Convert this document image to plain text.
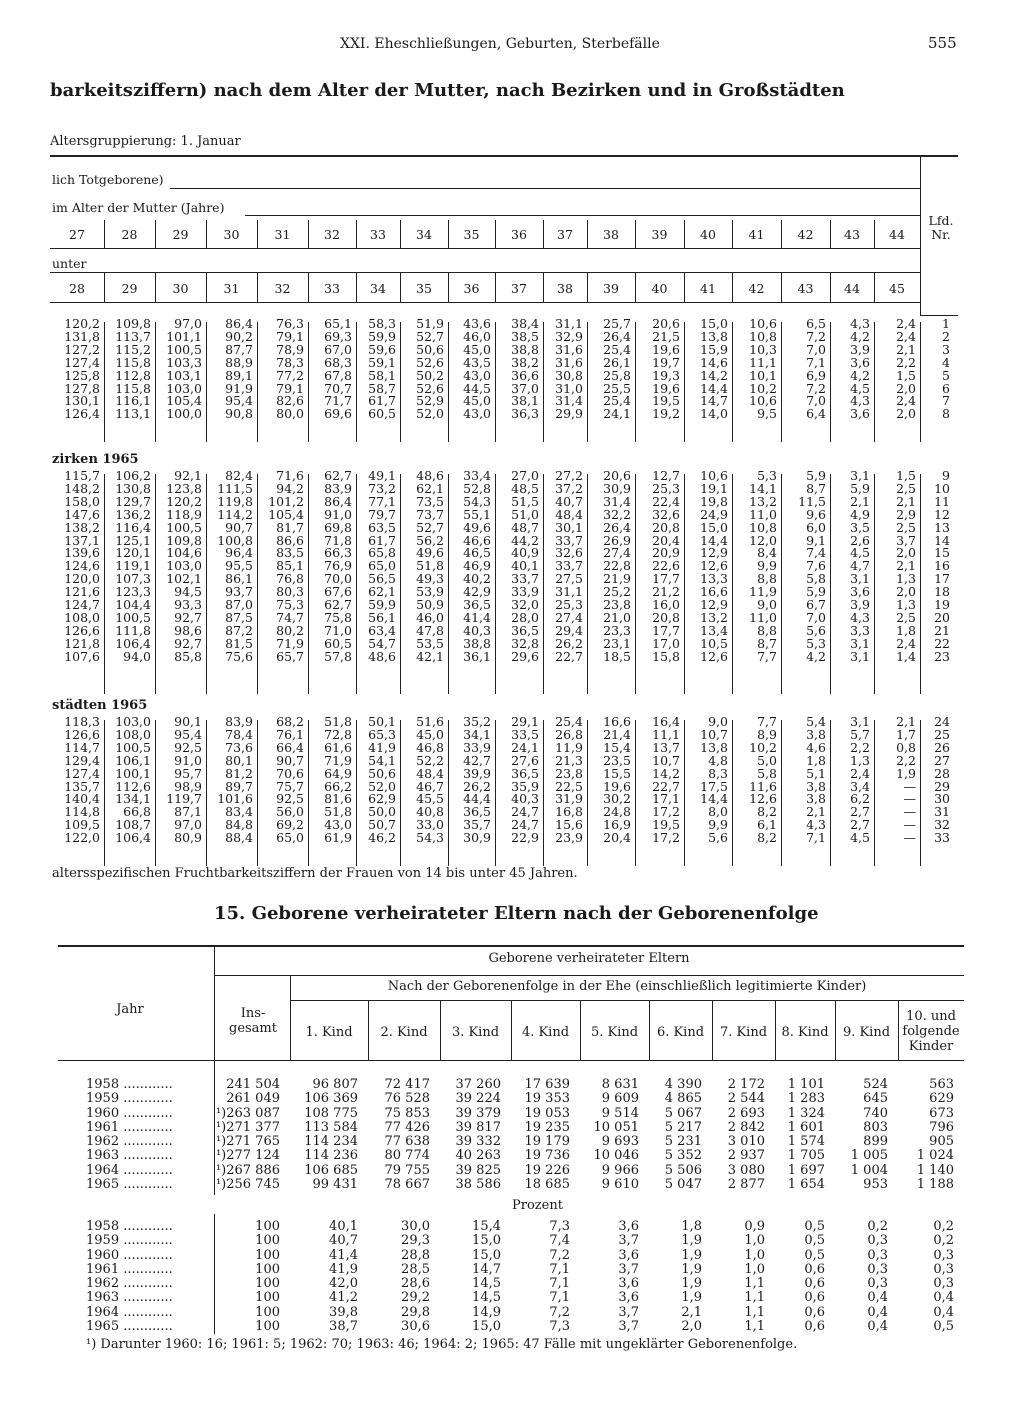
XXI. Eheschließungen, Geburten, Sterbefälle	555
barkeitsziffern) nach dem Alter der Mutter, nach Bezirken und in Großstädten
Altersgruppierung: 1. Januar
lich Totgeborene)
im Alter der Mutter (Jahre)
unter
Lfd.
Nr.
27	28	29	30	31	32	33	34	35	36	37	38	39	40	41	42	43	44
28	29	30	31	32	33	34	35	36	37	38	39	40	41	42	43	44	45
120,2	109,8	97,0	86,4	76,3	65,1	58,3	51,9	43,6	38,4	31,1	25,7	20,6	15,0	10,6	6,5	4,3	2,4	1
131,8	113,7	101,1	90,2	79,1	69,3	59,9	52,7	46,0	38,5	32,9	26,4	21,5	13,8	10,8	7,2	4,2	2,4	2
127,2	115,2	100,5	87,7	78,9	67,0	59,6	50,6	45,0	38,8	31,6	25,4	19,6	15,9	10,3	7,0	3,9	2,1	3
127,4	115,8	103,3	88,9	78,3	68,3	59,1	52,6	43,5	38,2	31,6	26,1	19,7	14,6	11,1	7,1	3,6	2,2	4
125,8	112,8	103,1	89,1	77,2	67,8	58,1	50,2	43,0	36,6	30,8	25,8	19,3	14,2	10,1	6,9	4,2	1,5	5
127,8	115,8	103,0	91,9	79,1	70,7	58,7	52,6	44,5	37,0	31,0	25,5	19,6	14,4	10,2	7,2	4,5	2,0	6
130,1	116,1	105,4	95,4	82,6	71,7	61,7	52,9	45,0	38,1	31,4	25,4	19,5	14,7	10,6	7,0	4,3	2,4	7
126,4	113,1	100,0	90,8	80,0	69,6	60,5	52,0	43,0	36,3	29,9	24,1	19,2	14,0	9,5	6,4	3,6	2,0	8
zirken 1965
115,7	106,2	92,1	82,4	71,6	62,7	49,1	48,6	33,4	27,0	27,2	20,6	12,7	10,6	5,3	5,9	3,1	1,5	9
148,2	130,8	123,8	111,5	94,2	83,9	73,2	62,1	52,8	48,5	37,2	30,9	25,3	19,1	14,1	8,7	5,9	2,5	10
158,0	129,7	120,2	119,8	101,2	86,4	77,1	73,5	54,3	51,5	40,7	31,4	22,4	19,8	13,2	11,5	2,1	2,1	11
147,6	136,2	118,9	114,2	105,4	91,0	79,7	73,7	55,1	51,0	48,4	32,2	32,6	24,9	11,0	9,6	4,9	2,9	12
138,2	116,4	100,5	90,7	81,7	69,8	63,5	52,7	49,6	48,7	30,1	26,4	20,8	15,0	10,8	6,0	3,5	2,5	13
137,1	125,1	109,8	100,8	86,6	71,8	61,7	56,2	46,6	44,2	33,7	26,9	20,4	14,4	12,0	9,1	2,6	3,7	14
139,6	120,1	104,6	96,4	83,5	66,3	65,8	49,6	46,5	40,9	32,6	27,4	20,9	12,9	8,4	7,4	4,5	2,0	15
124,6	119,1	103,0	95,5	85,1	76,9	65,0	51,8	46,9	40,1	33,7	22,8	22,6	12,6	9,9	7,6	4,7	2,1	16
120,0	107,3	102,1	86,1	76,8	70,0	56,5	49,3	40,2	33,7	27,5	21,9	17,7	13,3	8,8	5,8	3,1	1,3	17
121,6	123,3	94,5	93,7	80,3	67,6	62,1	53,9	42,9	33,9	31,1	25,2	21,2	16,6	11,9	5,9	3,6	2,0	18
124,7	104,4	93,3	87,0	75,3	62,7	59,9	50,9	36,5	32,0	25,3	23,8	16,0	12,9	9,0	6,7	3,9	1,3	19
108,0	100,5	92,7	87,5	74,7	75,8	56,1	46,0	41,4	28,0	27,4	21,0	20,8	13,2	11,0	7,0	4,3	2,5	20
126,6	111,8	98,6	87,2	80,2	71,0	63,4	47,8	40,3	36,5	29,4	23,3	17,7	13,4	8,8	5,6	3,3	1,8	21
121,8	106,4	92,7	81,5	71,9	60,5	54,7	53,5	38,8	32,8	26,2	23,1	17,0	10,5	8,7	5,3	3,1	2,4	22
107,6	94,0	85,8	75,6	65,7	57,8	48,6	42,1	36,1	29,6	22,7	18,5	15,8	12,6	7,7	4,2	3,1	1,4	23
städten 1965
118,3	103,0	90,1	83,9	68,2	51,8	50,1	51,6	35,2	29,1	25,4	16,6	16,4	9,0	7,7	5,4	3,1	2,1	24
126,6	108,0	95,4	78,4	76,1	72,8	65,3	45,0	34,1	33,5	26,8	21,4	11,1	10,7	8,9	3,8	5,7	1,7	25
114,7	100,5	92,5	73,6	66,4	61,6	41,9	46,8	33,9	24,1	11,9	15,4	13,7	13,8	10,2	4,6	2,2	0,8	26
129,4	106,1	91,0	80,1	90,7	71,9	54,1	52,2	42,7	27,6	21,3	23,5	10,7	4,8	5,0	1,8	1,3	2,2	27
127,4	100,1	95,7	81,2	70,6	64,9	50,6	48,4	39,9	36,5	23,8	15,5	14,2	8,3	5,8	5,1	2,4	1,9	28
135,7	112,6	98,9	89,7	75,7	66,2	52,0	46,7	26,2	35,9	22,5	19,6	22,7	17,5	11,6	3,8	3,4	—	29
140,4	134,1	119,7	101,6	92,5	81,6	62,9	45,5	44,4	40,3	31,9	30,2	17,1	14,4	12,6	3,8	6,2	—	30
114,8	66,8	87,1	83,4	56,0	51,8	50,0	40,8	36,5	24,7	16,8	24,8	17,2	8,0	8,2	2,1	2,7	—	31
109,5	108,7	97,0	84,8	69,2	43,0	50,7	33,0	35,7	24,7	15,6	16,9	19,5	9,9	6,1	4,3	2,7	—	32
122,0	106,4	80,9	88,4	65,0	61,9	46,2	54,3	30,9	22,9	23,9	20,4	17,2	5,6	8,2	7,1	4,5	—	33
altersspezifischen Fruchtbarkeitsziffern der Frauen von 14 bis unter 45 Jahren.
15. Geborene verheirateter Eltern nach der Geborenenfolge
Jahr	Ins-
gesamt
Geborene verheirateter Eltern
Nach der Geborenenfolge in der Ehe (einschließlich legitimierte Kinder)
1. Kind	2. Kind	3. Kind	4. Kind	5. Kind	6. Kind	7. Kind	8. Kind	9. Kind
10. und
folgende
Kinder
1958 ............	241 504	96 807	72 417	37 260	17 639	8 631	4 390	2 172	1 101	524	563
1959 ............	261 049	106 369	76 528	39 224	19 353	9 609	4 865	2 544	1 283	645	629
1960 ............	¹)263 087	108 775	75 853	39 379	19 053	9 514	5 067	2 693	1 324	740	673
1961 ............	¹)271 377	113 584	77 426	39 817	19 235	10 051	5 217	2 842	1 601	803	796
1962 ............	¹)271 765	114 234	77 638	39 332	19 179	9 693	5 231	3 010	1 574	899	905
1963 ............	¹)277 124	114 236	80 774	40 263	19 736	10 046	5 352	2 937	1 705	1 005	1 024
1964 ............	¹)267 886	106 685	79 755	39 825	19 226	9 966	5 506	3 080	1 697	1 004	1 140
1965 ............	¹)256 745	99 431	78 667	38 586	18 685	9 610	5 047	2 877	1 654	953	1 188
Prozent
1958 ............	100	40,1	30,0	15,4	7,3	3,6	1,8	0,9	0,5	0,2	0,2
1959 ............	100	40,7	29,3	15,0	7,4	3,7	1,9	1,0	0,5	0,3	0,2
1960 ............	100	41,4	28,8	15,0	7,2	3,6	1,9	1,0	0,5	0,3	0,3
1961 ............	100	41,9	28,5	14,7	7,1	3,7	1,9	1,0	0,6	0,3	0,3
1962 ............	100	42,0	28,6	14,5	7,1	3,6	1,9	1,1	0,6	0,3	0,3
1963 ............	100	41,2	29,2	14,5	7,1	3,6	1,9	1,1	0,6	0,4	0,4
1964 ............	100	39,8	29,8	14,9	7,2	3,7	2,1	1,1	0,6	0,4	0,4
1965 ............	100	38,7	30,6	15,0	7,3	3,7	2,0	1,1	0,6	0,4	0,5
¹) Darunter 1960: 16; 1961: 5; 1962: 70; 1963: 46; 1964: 2; 1965: 47 Fälle mit ungeklärter Geborenenfolge.
